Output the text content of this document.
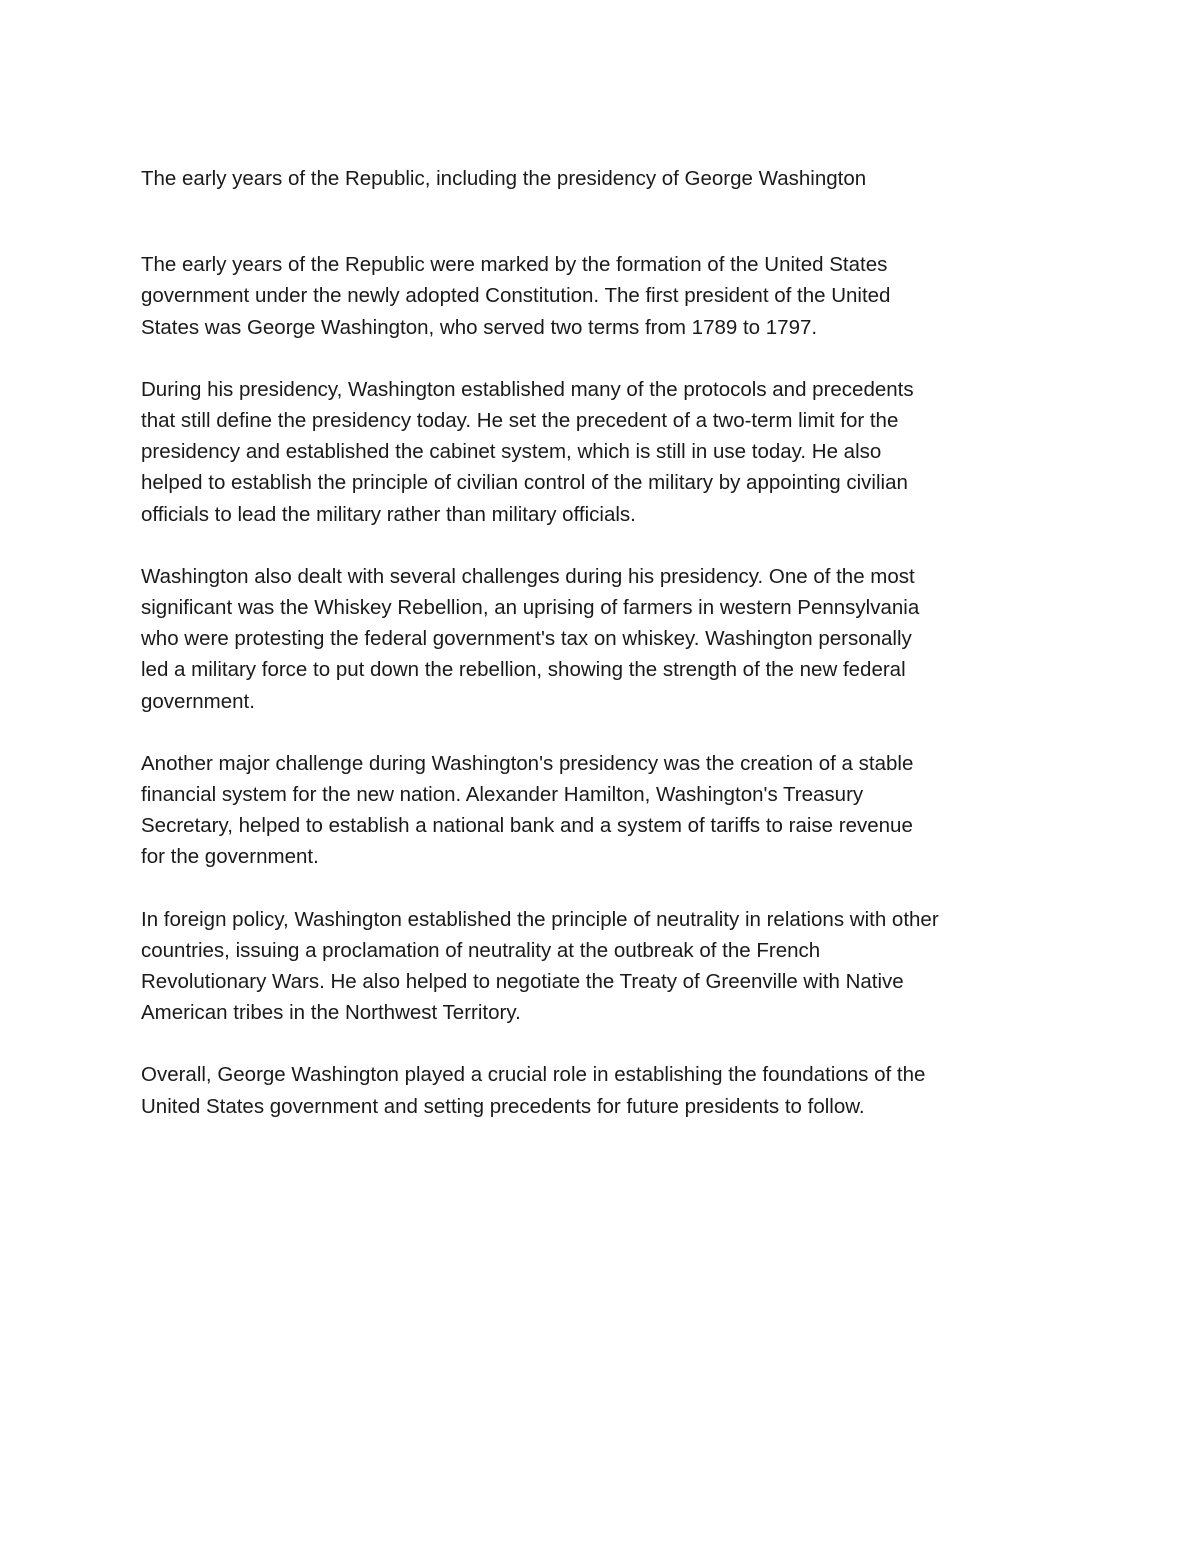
The early years of the Republic, including the presidency of George Washington

The early years of the Republic were marked by the formation of the United States
government under the newly adopted Constitution. The first president of the United
States was George Washington, who served two terms from 1789 to 1797.

During his presidency, Washington established many of the protocols and precedents
that still define the presidency today. He set the precedent of a two-term limit for the
presidency and established the cabinet system, which is still in use today. He also
helped to establish the principle of civilian control of the military by appointing civilian
officials to lead the military rather than military officials.

Washington also dealt with several challenges during his presidency. One of the most
significant was the Whiskey Rebellion, an uprising of farmers in western Pennsylvania
who were protesting the federal government's tax on whiskey. Washington personally
led a military force to put down the rebellion, showing the strength of the new federal
government.

Another major challenge during Washington's presidency was the creation of a stable
financial system for the new nation. Alexander Hamilton, Washington's Treasury
Secretary, helped to establish a national bank and a system of tariffs to raise revenue
for the government.

In foreign policy, Washington established the principle of neutrality in relations with other
countries, issuing a proclamation of neutrality at the outbreak of the French
Revolutionary Wars. He also helped to negotiate the Treaty of Greenville with Native
American tribes in the Northwest Territory.

Overall, George Washington played a crucial role in establishing the foundations of the
United States government and setting precedents for future presidents to follow.
